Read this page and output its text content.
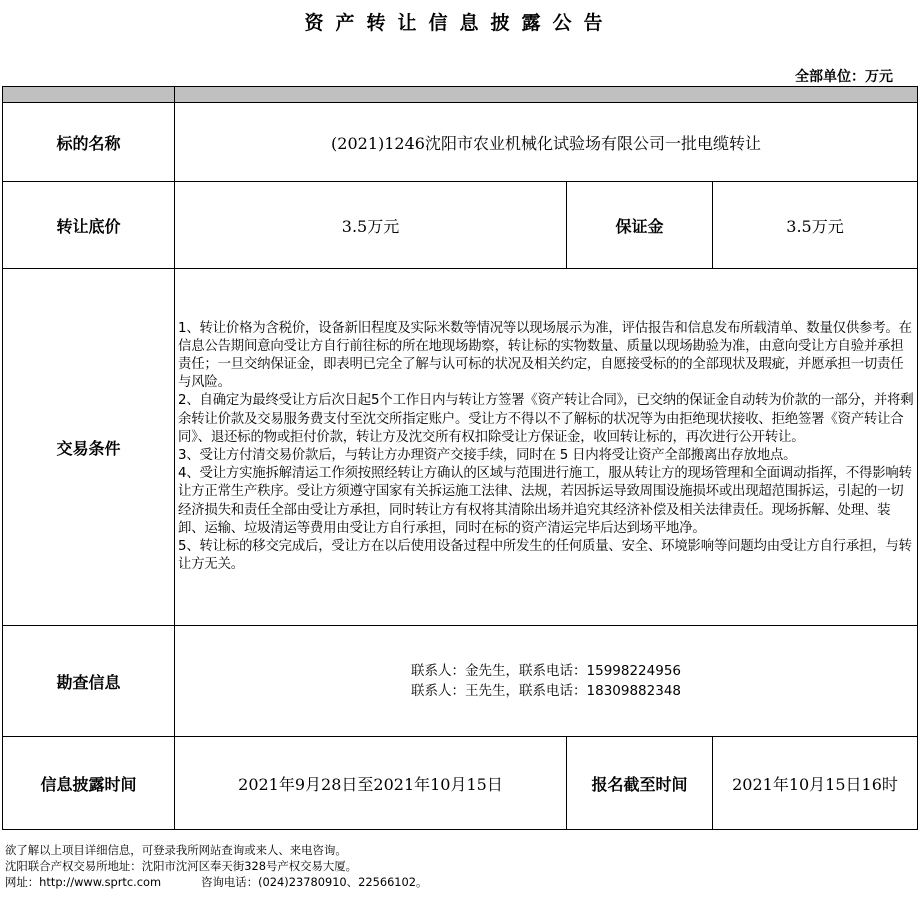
资产转让信息披露公告
全部单位：万元

标的名称	(2021)1246沈阳市农业机械化试验场有限公司一批电缆转让		
转让底价	3.5万元	保证金	3.5万元
交易条件	1、转让价格为含税价，设备新旧程度及实际米数等情况等以现场展示为准，评估报告和信息发布所载清单、数量仅供参考。在信息公告期间意向受让方自行前往标的所在地现场勘察，转让标的实物数量、质量以现场勘验为准，由意向受让方自验并承担责任；一旦交纳保证金，即表明已完全了解与认可标的状况及相关约定，自愿接受标的的全部现状及瑕疵，并愿承担一切责任与风险。

2、自确定为最终受让方后次日起5个工作日内与转让方签署《资产转让合同》，已交纳的保证金自动转为价款的一部分，并将剩余转让价款及交易服务费支付至沈交所指定账户。受让方不得以不了解标的状况等为由拒绝现状接收、拒绝签署《资产转让合同》、退还标的物或拒付价款，转让方及沈交所有权扣除受让方保证金，收回转让标的，再次进行公开转让。

3、受让方付清交易价款后，与转让方办理资产交接手续，同时在 5 日内将受让资产全部搬离出存放地点。

4、受让方实施拆解清运工作须按照经转让方确认的区域与范围进行施工，服从转让方的现场管理和全面调动指挥，不得影响转让方正常生产秩序。受让方须遵守国家有关拆运施工法律、法规，若因拆运导致周围设施损坏或出现超范围拆运，引起的一切经济损失和责任全部由受让方承担，同时转让方有权将其清除出场并追究其经济补偿及相关法律责任。现场拆解、处理、装卸、运输、垃圾清运等费用由受让方自行承担，同时在标的资产清运完毕后达到场平地净。

5、转让标的移交完成后，受让方在以后使用设备过程中所发生的任何质量、安全、环境影响等问题均由受让方自行承担，与转让方无关。		

勘查信息	联系人：金先生，联系电话：15998224956
联系人：王先生，联系电话：18309882348		

信息披露时间	2021年9月28日至2021年10月15日	报名截至时间	2021年10月15日16时

欲了解以上项目详细信息，可登录我所网站查询或来人、来电咨询。

沈阳联合产权交易所地址：沈阳市沈河区奉天街328号产权交易大厦。

网址：http://www.sprtc.com	咨询电话：(024)23780910、22566102。
